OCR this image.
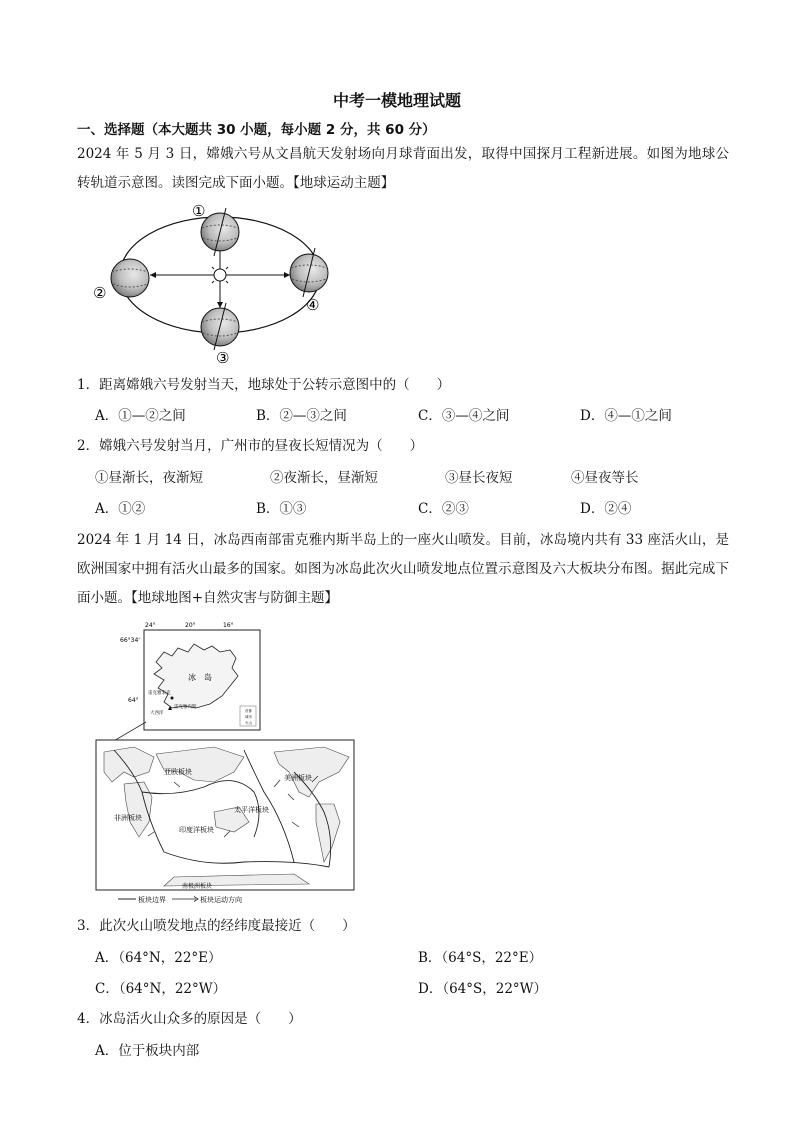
中考一模地理试题
一、选择题（本大题共 30 小题，每小题 2 分，共 60 分）
2024 年 5 月 3 日，嫦娥六号从文昌航天发射场向月球背面出发，取得中国探月工程新进展。如图为地球公转轨道示意图。读图完成下面小题。【地球运动主题】
①
②
③
④
1．距离嫦娥六号发射当天，地球处于公转示意图中的（　　）
A．①—②之间	B．②—③之间	C．③—④之间	D．④—①之间
2．嫦娥六号发射当月，广州市的昼夜长短情况为（　　）
①昼渐长，夜渐短	②夜渐长，昼渐短	③昼长夜短	④昼夜等长
A．①②	B．①③	C．②③	D．②④
2024 年 1 月 14 日，冰岛西南部雷克雅内斯半岛上的一座火山喷发。目前，冰岛境内共有 33 座活火山，是欧洲国家中拥有活火山最多的国家。如图为冰岛此次火山喷发地点位置示意图及六大板块分布图。据此完成下面小题。【地球地图+自然灾害与防御主题】
24°	20°	16°
66°34'
64°
冰　岛
雷克雅未克
大西洋
雷克雅内斯
首都
城市
火山
亚欧板块
美洲板块
非洲板块
太平洋板块
印度洋板块
南极洲板块
板块边界	板块运动方向
3．此次火山喷发地点的经纬度最接近（　　）
A．（64°N，22°E）	B．（64°S，22°E）
C．（64°N，22°W）	D．（64°S，22°W）
4．冰岛活火山众多的原因是（　　）
A．位于板块内部
